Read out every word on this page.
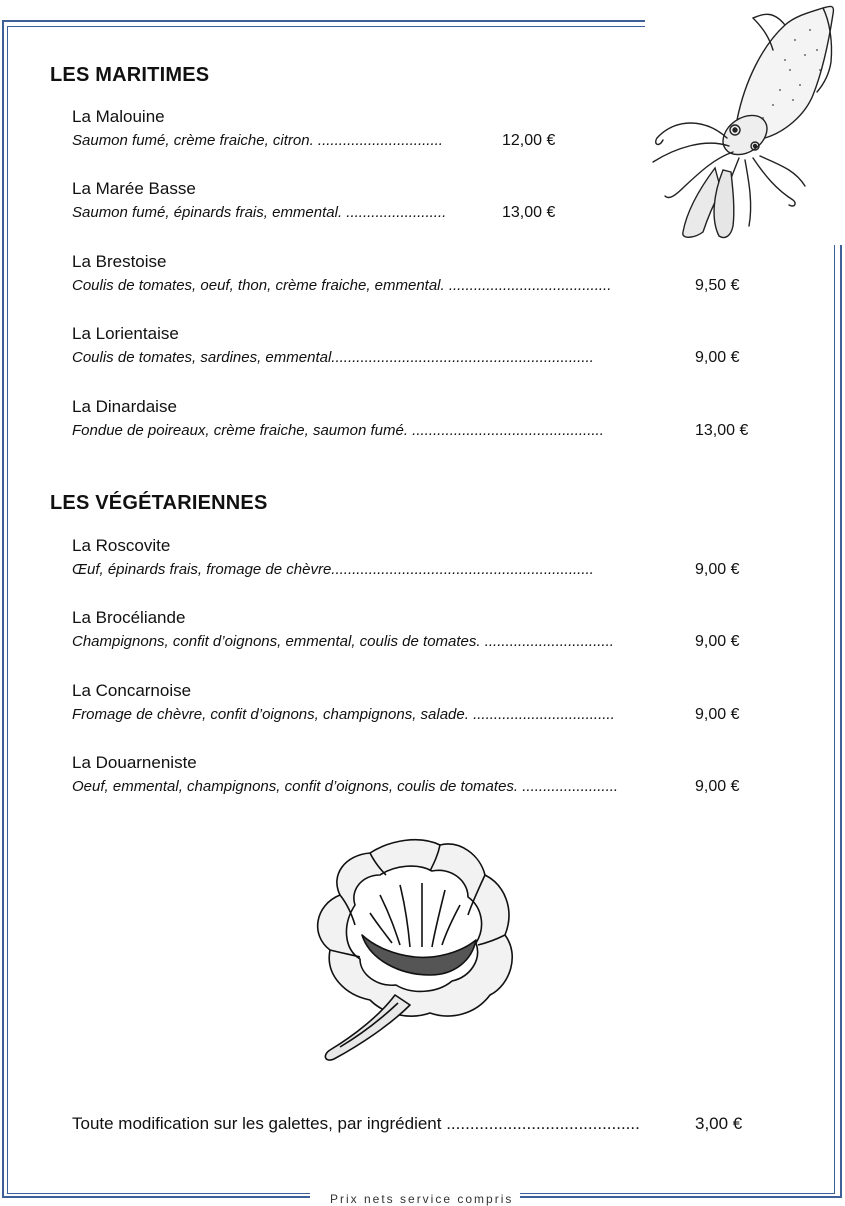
LES MARITIMES
La Malouine
Saumon fumé, crème fraiche, citron. ..............................	12,00 €
La Marée Basse
Saumon fumé, épinards frais, emmental. ........................	13,00 €
La Brestoise
Coulis de tomates, oeuf, thon, crème fraiche, emmental. .......................................	9,50 €
La Lorientaise
Coulis de tomates, sardines, emmental...............................................................	9,00 €
La Dinardaise
Fondue de poireaux, crème fraiche, saumon fumé. ..............................................	13,00 €
LES VÉGÉTARIENNES
La Roscovite
Œuf, épinards frais, fromage de chèvre...............................................................	9,00 €
La Brocéliande
Champignons, confit d’oignons, emmental, coulis de tomates. ...............................	9,00 €
La Concarnoise
Fromage de chèvre, confit d’oignons, champignons, salade. ..................................	9,00 €
La Douarneniste
Oeuf, emmental, champignons, confit d’oignons, coulis de tomates. .......................	9,00 €
Toute modification sur les galettes, par ingrédient .........................................	3,00 €
Prix nets service compris
